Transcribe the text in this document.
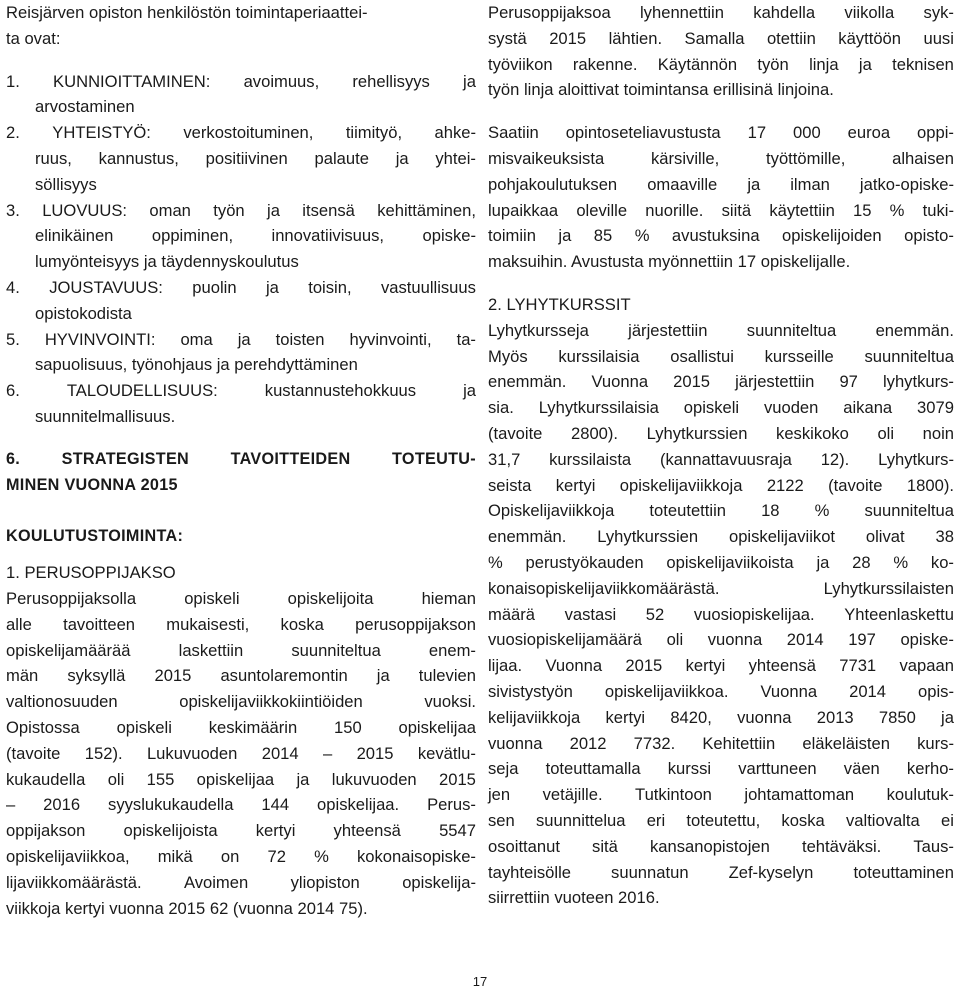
Reisjärven opiston henkilöstön toimintaperiaattei-
ta ovat:
1. KUNNIOITTAMINEN: avoimuus, rehellisyys ja
arvostaminen
2. YHTEISTYÖ: verkostoituminen, tiimityö, ahke-
ruus, kannustus, positiivinen palaute ja yhtei-
söllisyys
3. LUOVUUS: oman työn ja itsensä kehittäminen,
elinikäinen oppiminen, innovatiivisuus, opiske-
lumyönteisyys ja täydennyskoulutus
4. JOUSTAVUUS: puolin ja toisin, vastuullisuus
opistokodista
5. HYVINVOINTI: oma ja toisten hyvinvointi, ta-
sapuolisuus, työnohjaus ja perehdyttäminen
6.	TALOUDELLISUUS:	kustannustehokkuus	ja
suunnitelmallisuus.
6.	STRATEGISTEN	TAVOITTEIDEN	TOTEUTU-
MINEN VUONNA 2015
KOULUTUSTOIMINTA:
1. PERUSOPPIJAKSO
Perusoppijaksolla	opiskeli	opiskelijoita	hieman
alle tavoitteen mukaisesti, koska perusoppijakson
opiskelijamäärää	laskettiin	suunniteltua	enem-
män syksyllä 2015 asuntolaremontin ja tulevien
valtionosuuden	opiskelijaviikkokiintiöiden	vuoksi.
Opistossa opiskeli keskimäärin 150 opiskelijaa
(tavoite 152). Lukuvuoden 2014 – 2015 kevätlu-
kukaudella oli 155 opiskelijaa ja lukuvuoden 2015
– 2016 syyslukukaudella 144 opiskelijaa. Perus-
oppijakson opiskelijoista kertyi yhteensä 5547
opiskelijaviikkoa, mikä on 72 % kokonaisopiske-
lijaviikkomäärästä.	Avoimen	yliopiston	opiskelija-
viikkoja kertyi vuonna 2015 62 (vuonna 2014 75).
Perusoppijaksoa lyhennettiin kahdella viikolla syk-
systä 2015 lähtien. Samalla otettiin käyttöön uusi
työviikon rakenne. Käytännön työn linja ja teknisen
työn linja aloittivat toimintansa erillisinä linjoina.
Saatiin opintoseteliavustusta 17 000 euroa oppi-
misvaikeuksista	kärsiville,	työttömille,	alhaisen
pohjakoulutuksen omaaville ja ilman jatko-opiske-
lupaikkaa oleville nuorille. siitä käytettiin 15 % tuki-
toimiin ja 85 % avustuksina opiskelijoiden opisto-
maksuihin. Avustusta myönnettiin 17 opiskelijalle.
2. LYHYTKURSSIT
Lyhytkursseja järjestettiin suunniteltua enemmän.
Myös kurssilaisia osallistui kursseille suunniteltua
enemmän. Vuonna 2015 järjestettiin 97 lyhytkurs-
sia. Lyhytkurssilaisia opiskeli vuoden aikana 3079
(tavoite 2800). Lyhytkurssien keskikoko oli noin
31,7 kurssilaista (kannattavuusraja 12). Lyhytkurs-
seista kertyi opiskelijaviikkoja 2122 (tavoite 1800).
Opiskelijaviikkoja toteutettiin 18 % suunniteltua
enemmän. Lyhytkurssien opiskelijaviikot olivat 38
% perustyökauden opiskelijaviikoista ja 28 % ko-
konaisopiskelijaviikkomäärästä.	Lyhytkurssilaisten
määrä vastasi 52 vuosiopiskelijaa. Yhteenlaskettu
vuosiopiskelijamäärä oli vuonna 2014 197 opiske-
lijaa. Vuonna 2015 kertyi yhteensä 7731 vapaan
sivistystyön opiskelijaviikkoa. Vuonna 2014 opis-
kelijaviikkoja kertyi 8420, vuonna 2013 7850 ja
vuonna 2012 7732. Kehitettiin eläkeläisten kurs-
seja toteuttamalla kurssi varttuneen väen kerho-
jen vetäjille. Tutkintoon johtamattoman koulutuk-
sen suunnittelua eri toteutettu, koska valtiovalta ei
osoittanut sitä kansanopistojen tehtäväksi. Taus-
tayhteisölle suunnatun Zef-kyselyn toteuttaminen
siirrettiin vuoteen 2016.
17
